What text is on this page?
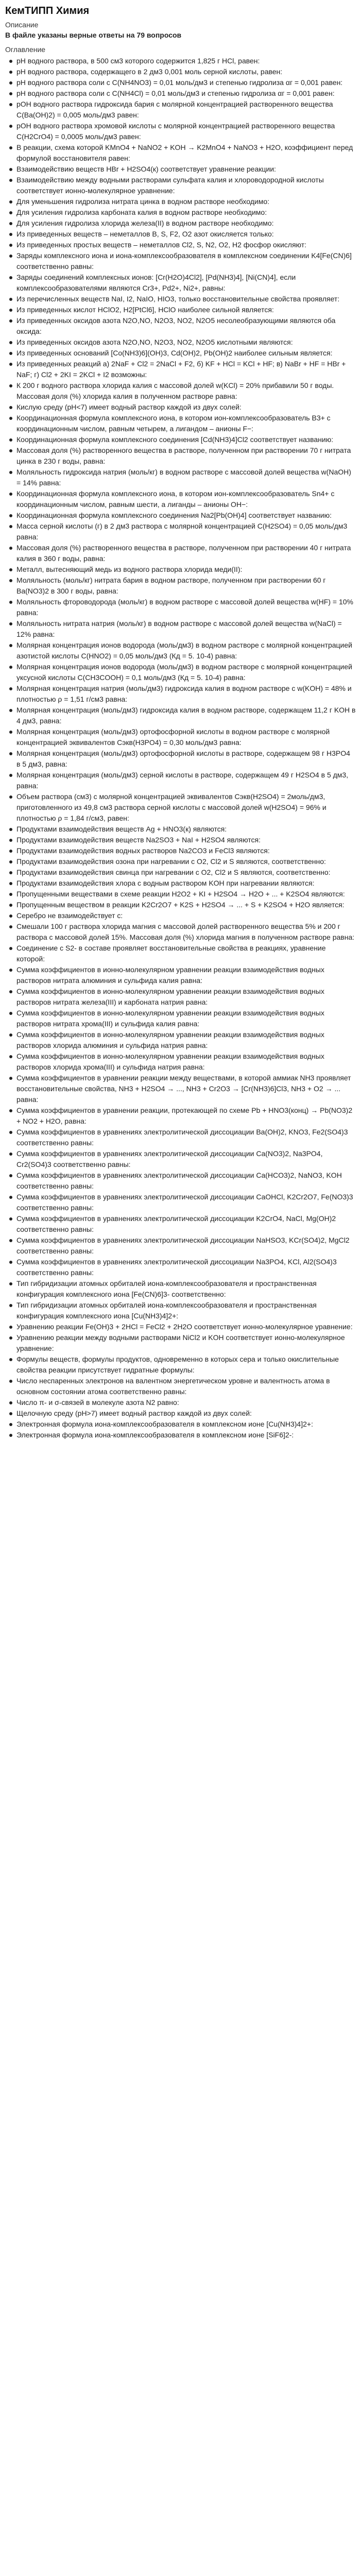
КемТИПП Химия
Описание
В файле указаны верные ответы на 79 вопросов
Оглавление
pH водного раствора, в 500 см3 которого содержится 1,825 г HCl, равен:
pH водного раствора, содержащего в 2 дм3 0,001 моль серной кислоты, равен:
pH водного раствора соли с C(NH4NO3) = 0,01 моль/дм3 и степенью гидролиза αг = 0,001 равен:
pH водного раствора соли с C(NH4Cl) = 0,01 моль/дм3 и степенью гидролиза αг = 0,001 равен:
рOH водного раствора гидроксида бария с молярной концентрацией растворенного вещества C(Ba(OH)2) = 0,005 моль/дм3 равен:
рOH водного раствора хромовой кислоты с молярной концентрацией растворенного вещества C(H2CrO4) = 0,0005 моль/дм3 равен:
В реакции, схема которой KMnO4 + NaNO2 + KOH → K2MnO4 + NaNO3 + H2O, коэффициент перед формулой восстановителя равен:
Взаимодействию веществ HBr + H2SO4(к) соответствует уравнение реакции:
Взаимодействию между водными растворами сульфата калия и хлороводородной кислоты соответствует ионно-молекулярное уравнение:
Для уменьшения гидролиза нитрата цинка в водном растворе необходимо:
Для усиления гидролиза карбоната калия в водном растворе необходимо:
Для усиления гидролиза хлорида железа(II) в водном растворе необходимо:
Из приведенных веществ – неметаллов B, S, F2, O2 азот окисляется только:
Из приведенных простых веществ – неметаллов Cl2, S, N2, O2, H2 фосфор окисляют:
Заряды комплексного иона и иона-комплексообразователя в комплексном соединении K4[Fe(CN)6] соответственно равны:
Заряды соединений комплексных ионов: [Cr(H2O)4Cl2], [Pd(NH3)4], [Ni(CN)4], если комплексообразователями являются Cr3+, Pd2+, Ni2+, равны:
Из перечисленных веществ NaI, I2, NaIO, HIO3, только восстановительные свойства проявляет:
Из приведенных кислот HClO2, H2[PtCl6], HClO наиболее сильной является:
Из приведенных оксидов азота N2O,NO, N2O3, NO2, N2O5 несолеобразующими являются оба оксида:
Из приведенных оксидов азота N2O,NO, N2O3, NO2, N2O5 кислотными являются:
Из приведенных оснований [Co(NH3)6](OH)3, Cd(OH)2, Pb(OH)2 наиболее сильным является:
Из приведенных реакций а) 2NaF + Cl2 = 2NaCl + F2, б) KF + HCl = KCl + HF; в) NaBr + HF = HBr + NaF; г) Cl2 + 2KI = 2KCl + I2 возможны:
К 200 г водного раствора хлорида калия с массовой долей w(KCl) = 20% прибавили 50 г воды. Массовая доля (%) хлорида калия в полученном растворе равна:
Кислую среду (pH<7) имеет водный раствор каждой из двух солей:
Координационная формула комплексного иона, в котором ион-комплексообразователь B3+ с координационным числом, равным четырем, а лигандом – анионы F−:
Координационная формула комплексного соединения [Cd(NH3)4]Cl2 соответствует названию:
Массовая доля (%) растворенного вещества в растворе, полученном при растворении 70 г нитрата цинка в 230 г воды, равна:
Моляльность гидроксида натрия (моль/кг) в водном растворе с массовой долей вещества w(NaOH) = 14% равна:
Координационная формула комплексного иона, в котором ион-комплексообразователь Sn4+ с координационным числом, равным шести, а лиганды – анионы OH−:
Координационная формула комплексного соединения Na2[Pb(OH)4] соответствует названию:
Масса серной кислоты (г) в 2 дм3 раствора с молярной концентрацией C(H2SO4) = 0,05 моль/дм3 равна:
Массовая доля (%) растворенного вещества в растворе, полученном при растворении 40 г нитрата калия в 360 г воды, равна:
Металл, вытесняющий медь из водного раствора хлорида меди(II):
Моляльность (моль/кг) нитрата бария в водном растворе, полученном при растворении 60 г Ba(NO3)2 в 300 г воды, равна:
Моляльность фтороводорода (моль/кг) в водном растворе с массовой долей вещества w(HF) = 10% равна:
Моляльность нитрата натрия (моль/кг) в водном растворе с массовой долей вещества w(NaCl) = 12% равна:
Молярная концентрация ионов водорода (моль/дм3) в водном растворе с молярной концентрацией азотистой кислоты C(HNO2) = 0,05 моль/дм3 (Кд = 5. 10-4) равна:
Молярная концентрация ионов водорода (моль/дм3) в водном растворе с молярной концентрацией уксусной кислоты C(CH3COOH) = 0,1 моль/дм3 (Кд = 5. 10-4) равна:
Молярная концентрация натрия (моль/дм3) гидроксида калия в водном растворе с w(KOH) = 48% и плотностью ρ = 1,51 г/см3 равна:
Молярная концентрация (моль/дм3) гидроксида калия в водном растворе, содержащем 11,2 г KOH в 4 дм3, равна:
Молярная концентрация (моль/дм3) ортофосфорной кислоты в водном растворе с молярной концентрацией эквивалентов Сэкв(H3PO4) = 0,30 моль/дм3 равна:
Молярная концентрация (моль/дм3) ортофосфорной кислоты в растворе, содержащем 98 г H3PO4 в 5 дм3, равна:
Молярная концентрация (моль/дм3) серной кислоты в растворе, содержащем 49 г H2SO4 в 5 дм3, равна:
Объем раствора (см3) с молярной концентрацией эквивалентов Сэкв(H2SO4) = 2моль/дм3, приготовленного из 49,8 см3 раствора серной кислоты с массовой долей w(H2SO4) = 96% и плотностью ρ = 1,84 г/см3, равен:
Продуктами взаимодействия веществ Ag + HNO3(к) являются:
Продуктами взаимодействия веществ Na2SO3 + NaI + H2SO4 являются:
Продуктами взаимодействия водных растворов Na2CO3 и FeCl3 являются:
Продуктами взаимодействия озона при нагревании с O2, Cl2 и S являются, соответственно:
Продуктами взаимодействия свинца при нагревании с O2, Cl2 и S являются, соответственно:
Продуктами взаимодействия хлора с водным раствором KOH при нагревании являются:
Пропущенными веществами в схеме реакции H2O2 + KI + H2SO4 → H2O + ... + K2SO4 являются:
Пропущенным веществом в реакции K2Cr2O7 + K2S + H2SO4 → ... + S + K2SO4 + H2O является:
Серебро не взаимодействует с:
Смешали 100 г раствора хлорида магния с массовой долей растворенного вещества 5% и 200 г раствора с массовой долей 15%. Массовая доля (%) хлорида магния в полученном растворе равна:
Соединение с S2- в составе проявляет восстановительные свойства в реакциях, уравнение которой:
Сумма коэффициентов в ионно-молекулярном уравнении реакции взаимодействия водных растворов нитрата алюминия и сульфида калия равна:
Сумма коэффициентов в ионно-молекулярном уравнении реакции взаимодействия водных растворов нитрата железа(III) и карбоната натрия равна:
Сумма коэффициентов в ионно-молекулярном уравнении реакции взаимодействия водных растворов нитрата хрома(III) и сульфида калия равна:
Сумма коэффициентов в ионно-молекулярном уравнении реакции взаимодействия водных растворов хлорида алюминия и сульфида натрия равна:
Сумма коэффициентов в ионно-молекулярном уравнении реакции взаимодействия водных растворов хлорида хрома(III) и сульфида натрия равна:
Сумма коэффициентов в уравнении реакции между веществами, в которой аммиак NH3 проявляет восстановительные свойства, NH3 + H2SO4 → ..., NH3 + Cr2O3 → [Cr(NH3)6]Cl3, NH3 + O2 → ... равна:
Сумма коэффициентов в уравнении реакции, протекающей по схеме Pb + HNO3(конц) → Pb(NO3)2 + NO2 + H2O, равна:
Сумма коэффициентов в уравнениях электролитической диссоциации Ba(OH)2, KNO3, Fe2(SO4)3 соответственно равны:
Сумма коэффициентов в уравнениях электролитической диссоциации Ca(NO3)2, Na3PO4, Cr2(SO4)3 соответственно равны:
Сумма коэффициентов в уравнениях электролитической диссоциации Ca(HCO3)2, NaNO3, KOH соответственно равны:
Сумма коэффициентов в уравнениях электролитической диссоциации CaOHCl, K2Cr2O7, Fe(NO3)3 соответственно равны:
Сумма коэффициентов в уравнениях электролитической диссоциации K2CrO4, NaCl, Mg(OH)2 соответственно равны:
Сумма коэффициентов в уравнениях электролитической диссоциации NaHSO3, KCr(SO4)2, MgCl2 соответственно равны:
Сумма коэффициентов в уравнениях электролитической диссоциации Na3PO4, KCl, Al2(SO4)3 соответственно равны:
Тип гибридизации атомных орбиталей иона-комплексообразователя и пространственная конфигурация комплексного иона [Fe(CN)6]3- соответственно:
Тип гибридизации атомных орбиталей иона-комплексообразователя и пространственная конфигурация комплексного иона [Cu(NH3)4]2+:
Уравнению реакции Fe(OH)3 + 2HCl = FeCl2 + 2H2O соответствует ионно-молекулярное уравнение:
Уравнению реакции между водными растворами NiCl2 и KOH соответствует ионно-молекулярное уравнение:
Формулы веществ, формулы продуктов, одновременно в которых сера и только окислительные свойства реакции присутствует гидратные формулы:
Число неспаренных электронов на валентном энергетическом уровне и валентность атома в основном состоянии атома соответственно равны:
Число π- и σ-связей в молекуле азота N2 равно:
Щелочную среду (pH>7) имеет водный раствор каждой из двух солей:
Электронная формула иона-комплексообразователя в комплексном ионе [Cu(NH3)4]2+:
Электронная формула иона-комплексообразователя в комплексном ионе [SiF6]2-:
